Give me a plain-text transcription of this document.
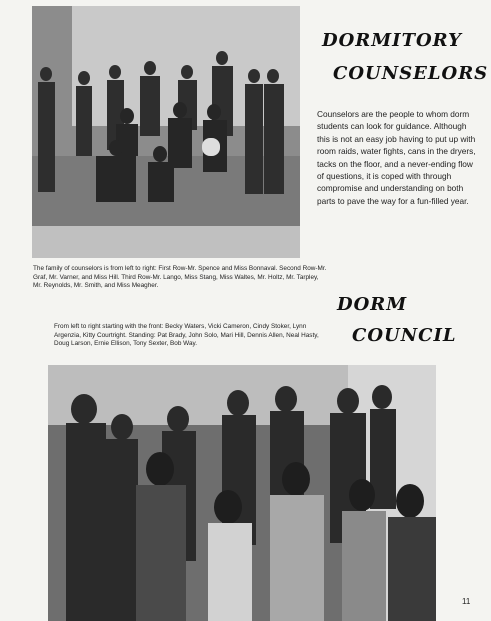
DORMITORY
COUNSELORS
Counselors are the people to whom dorm students can look for guidance. Although this is not an easy job having to put up with room raids, water fights, cans in the dryers, tacks on the floor, and a never-ending flow of questions, it is coped with through compromise and understanding on both parts to pave the way for a fun-filled year.
The family of counselors is from left to right: First Row-Mr. Spence and Miss Bonnaval. Second Row-Mr. Graf, Mr. Varner, and Miss Hill. Third Row-Mr. Lango, Miss Stang, Miss Waltes, Mr. Holtz, Mr. Tarpley, Mr. Reynolds, Mr. Smith, and Miss Meagher.
DORM
COUNCIL
From left to right starting with the front: Becky Waters, Vicki Cameron, Cindy Stoker, Lynn Argenzia, Kitty Courtright. Standing: Pat Brady, John Solo, Mari Hill, Dennis Allen, Neal Hasty, Doug Larson, Ernie Ellison, Tony Sexter, Bob Way.
11
